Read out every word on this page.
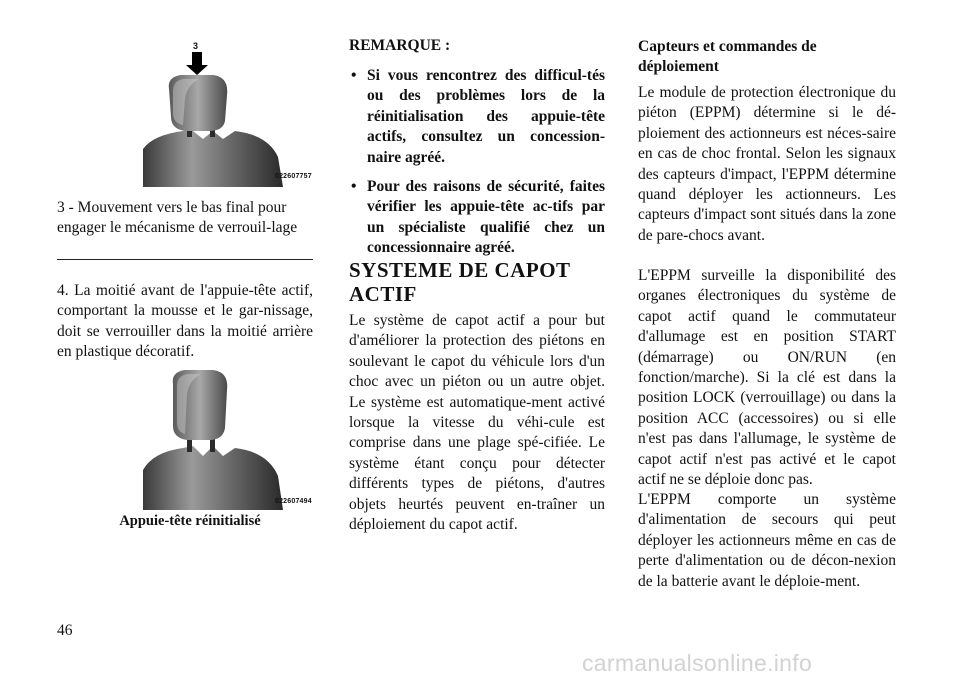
022607757
3
3 - Mouvement vers le bas final pour engager le mécanisme de verrouil-lage

4. La moitié avant de l'appuie-tête actif, comportant la mousse et le gar-nissage, doit se verrouiller dans la moitié arrière en plastique décoratif.

022607494
Appuie-tête réinitialisé
REMARQUE :
• Si vous rencontrez des difficul-tés ou des problèmes lors de la réinitialisation des appuie-tête actifs, consultez un concession-naire agréé.
• Pour des raisons de sécurité, faites vérifier les appuie-tête ac-tifs par un spécialiste qualifié chez un concessionnaire agréé.
SYSTEME DE CAPOT ACTIF

Le système de capot actif a pour but d'améliorer la protection des piétons en soulevant le capot du véhicule lors d'un choc avec un piéton ou un autre objet. Le système est automatique-ment activé lorsque la vitesse du véhi-cule est comprise dans une plage spé-cifiée. Le système étant conçu pour détecter différents types de piétons, d'autres objets heurtés peuvent en-traîner un déploiement du capot actif.

Capteurs et commandes de déploiement

Le module de protection électronique du piéton (EPPM) détermine si le dé-ploiement des actionneurs est néces-saire en cas de choc frontal. Selon les signaux des capteurs d'impact, l'EPPM détermine quand déployer les actionneurs. Les capteurs d'impact sont situés dans la zone de pare-chocs avant.

L'EPPM surveille la disponibilité des organes électroniques du système de capot actif quand le commutateur d'allumage est en position START (démarrage) ou ON/RUN (en fonction/marche). Si la clé est dans la position LOCK (verrouillage) ou dans la position ACC (accessoires) ou si elle n'est pas dans l'allumage, le système de capot actif n'est pas activé et le capot actif ne se déploie donc pas.

L'EPPM comporte un système d'alimentation de secours qui peut déployer les actionneurs même en cas de perte d'alimentation ou de décon-nexion de la batterie avant le déploie-ment.

46
carmanualsonline.info
